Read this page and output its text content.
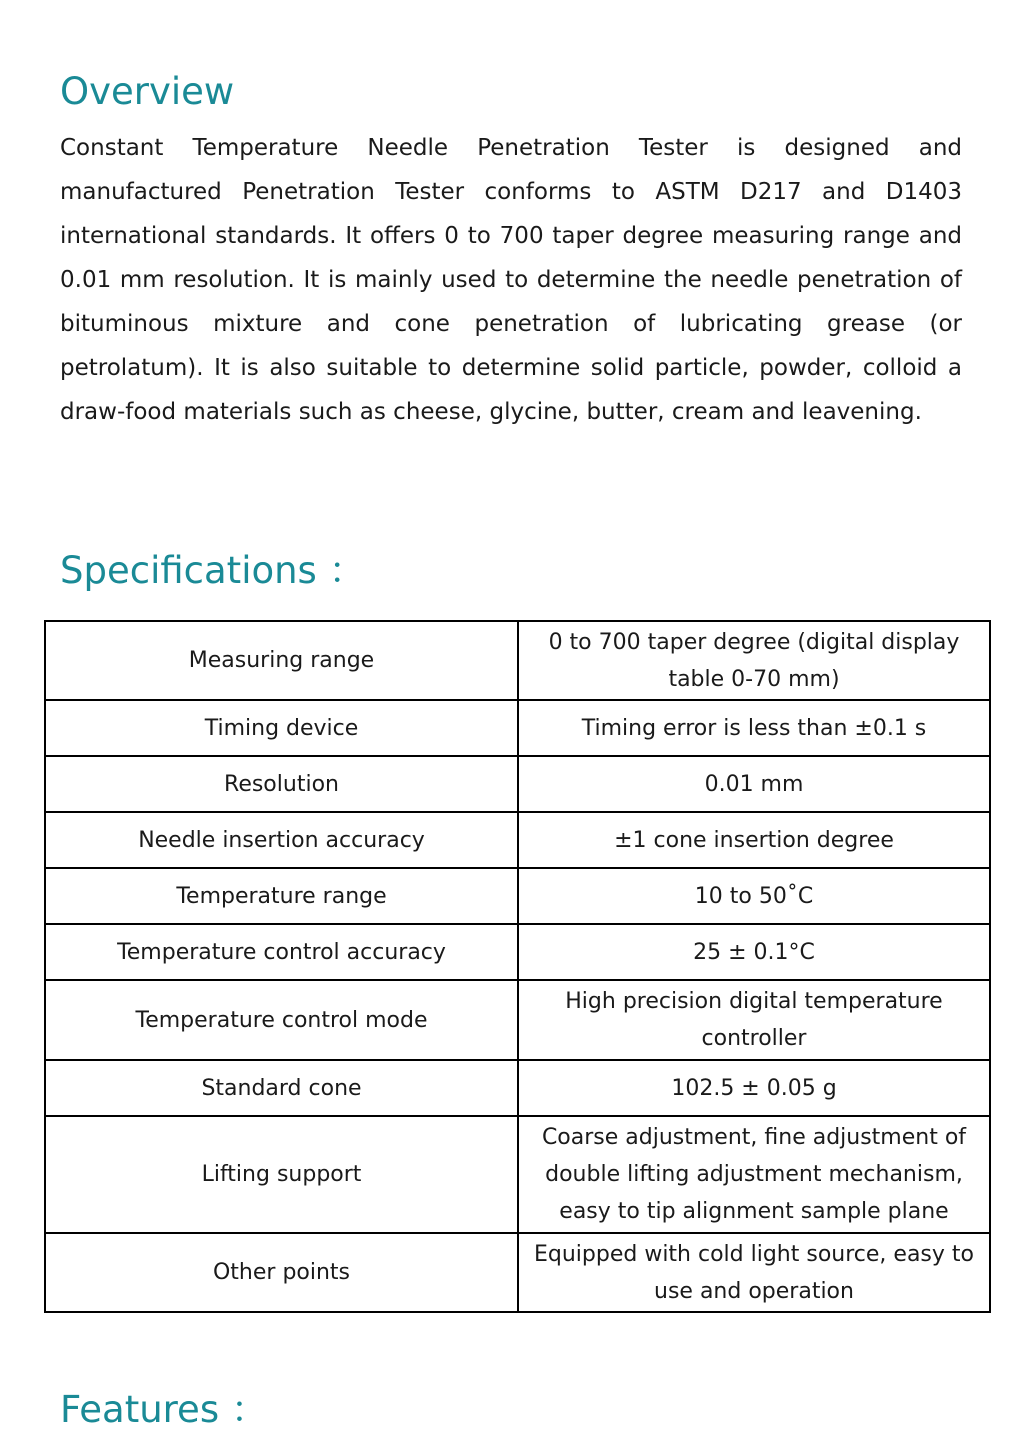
Overview

Constant Temperature Needle Penetration Tester is designed and manufactured Penetration Tester conforms to ASTM D217 and D1403 international standards. It offers 0 to 700 taper degree measuring range and 0.01 mm resolution. It is mainly used to determine the needle penetration of bituminous mixture and cone penetration of lubricating grease (or petrolatum). It is also suitable to determine solid particle, powder, colloid a draw-food materials such as cheese, glycine, butter, cream and leavening.

Specifications ：
Measuring range	0 to 700 taper degree (digital display table 0-70 mm)
Timing device	Timing error is less than ±0.1 s
Resolution	0.01 mm
Needle insertion accuracy	±1 cone insertion degree
Temperature range	10 to 50˚C
Temperature control accuracy	25 ± 0.1°C
Temperature control mode	High precision digital temperature controller
Standard cone	102.5 ± 0.05 g
Lifting support	Coarse adjustment, fine adjustment of double lifting adjustment mechanism, easy to tip alignment sample plane
Other points	Equipped with cold light source, easy to use and operation
Features ：
